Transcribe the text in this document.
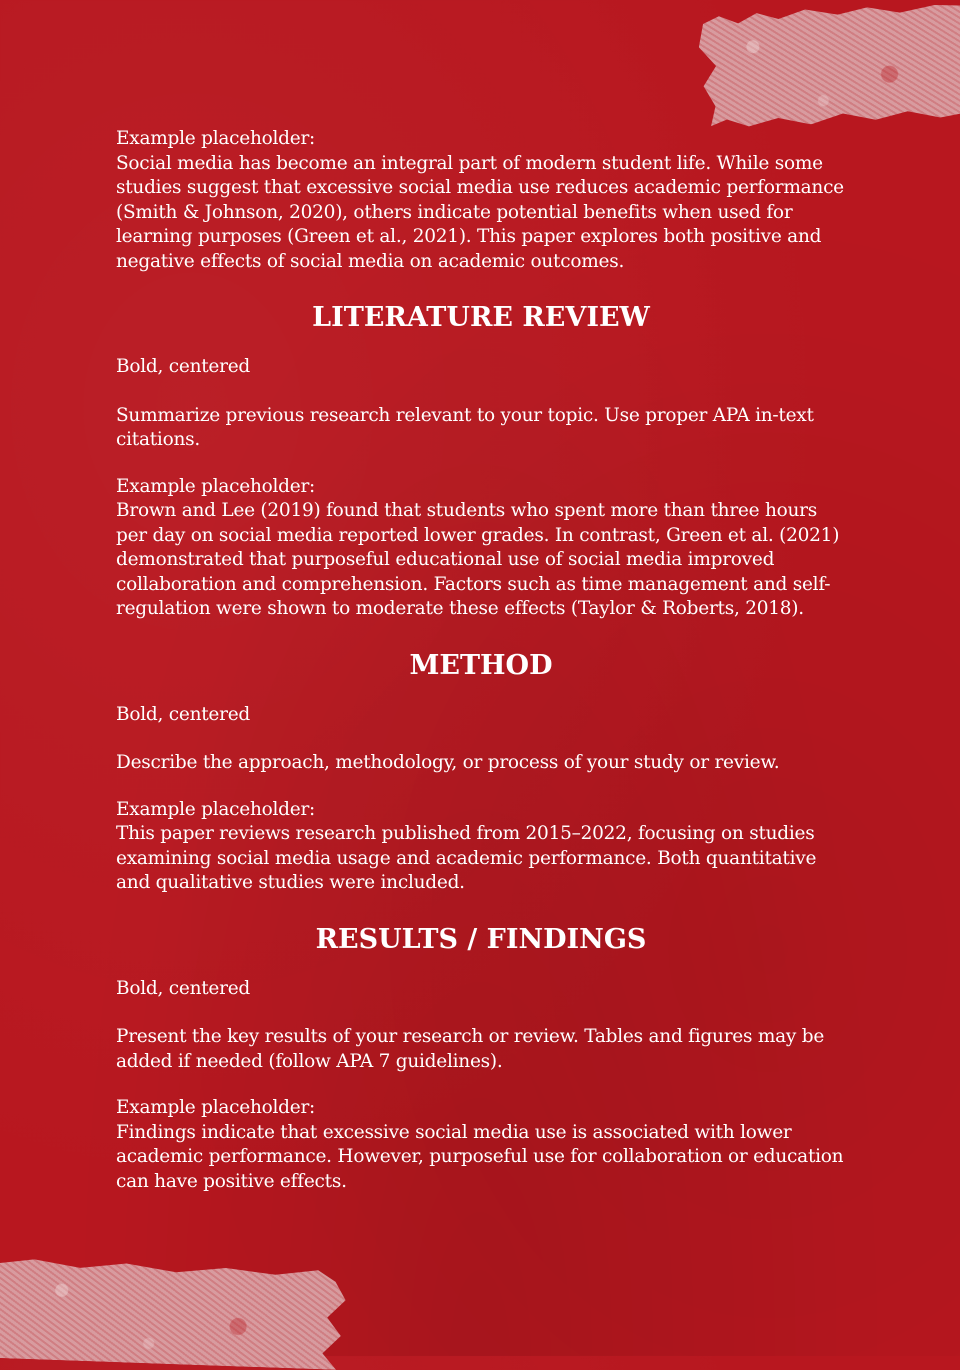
Example placeholder:

Social media has become an integral part of modern student life. While some studies suggest that excessive social media use reduces academic performance (Smith & Johnson, 2020), others indicate potential benefits when used for learning purposes (Green et al., 2021). This paper explores both positive and negative effects of social media on academic outcomes.

LITERATURE REVIEW

Bold, centered

Summarize previous research relevant to your topic. Use proper APA in-text citations.

Example placeholder:

Brown and Lee (2019) found that students who spent more than three hours per day on social media reported lower grades. In contrast, Green et al. (2021) demonstrated that purposeful educational use of social media improved collaboration and comprehension. Factors such as time management and self-regulation were shown to moderate these effects (Taylor & Roberts, 2018).

METHOD

Bold, centered

Describe the approach, methodology, or process of your study or review.

Example placeholder:

This paper reviews research published from 2015–2022, focusing on studies examining social media usage and academic performance. Both quantitative and qualitative studies were included.

RESULTS / FINDINGS

Bold, centered

Present the key results of your research or review. Tables and figures may be added if needed (follow APA 7 guidelines).

Example placeholder:

Findings indicate that excessive social media use is associated with lower academic performance. However, purposeful use for collaboration or education can have positive effects.
